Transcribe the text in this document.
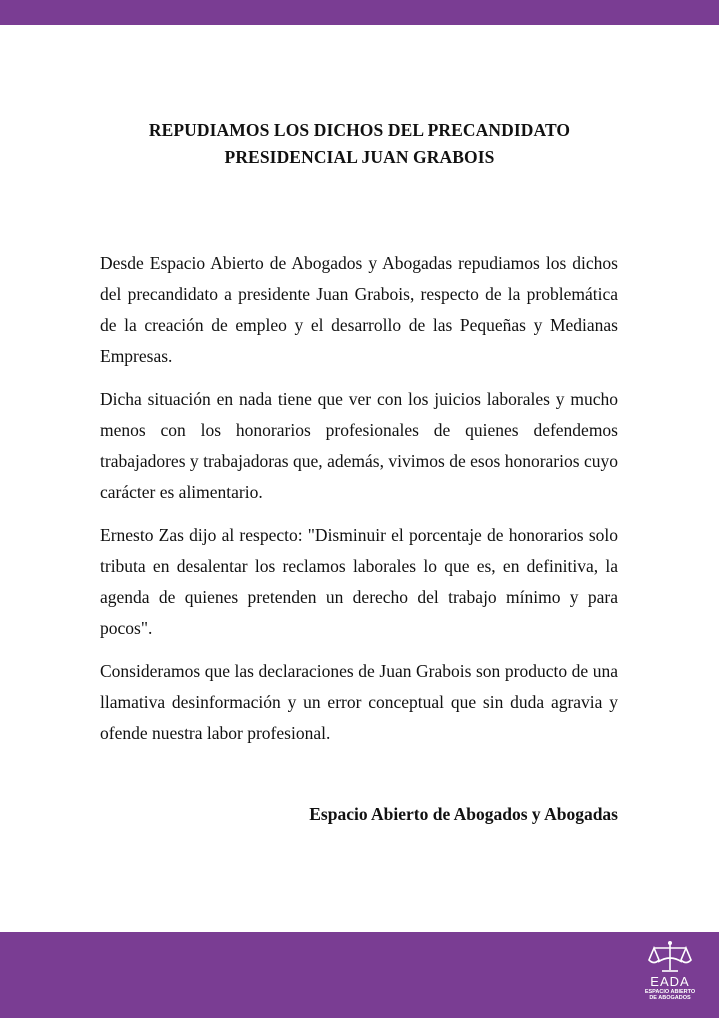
REPUDIAMOS LOS DICHOS DEL PRECANDIDATO
PRESIDENCIAL JUAN GRABOIS

Desde Espacio Abierto de Abogados y Abogadas repudiamos los dichos del precandidato a presidente Juan Grabois, respecto de la problemática de la creación de empleo y el desarrollo de las Pequeñas y Medianas Empresas.

Dicha situación en nada tiene que ver con los juicios laborales y mucho menos con los honorarios profesionales de quienes defendemos trabajadores y trabajadoras que, además, vivimos de esos honorarios cuyo carácter es alimentario.

Ernesto Zas dijo al respecto: "Disminuir el porcentaje de honorarios solo tributa en desalentar los reclamos laborales lo que es, en definitiva, la agenda de quienes pretenden un derecho del trabajo mínimo y para pocos".

Consideramos que las declaraciones de Juan Grabois son producto de una llamativa desinformación y un error conceptual que sin duda agravia y ofende nuestra labor profesional.

Espacio Abierto de Abogados y Abogadas
EADA
ESPACIO ABIERTO
DE ABOGADOS
